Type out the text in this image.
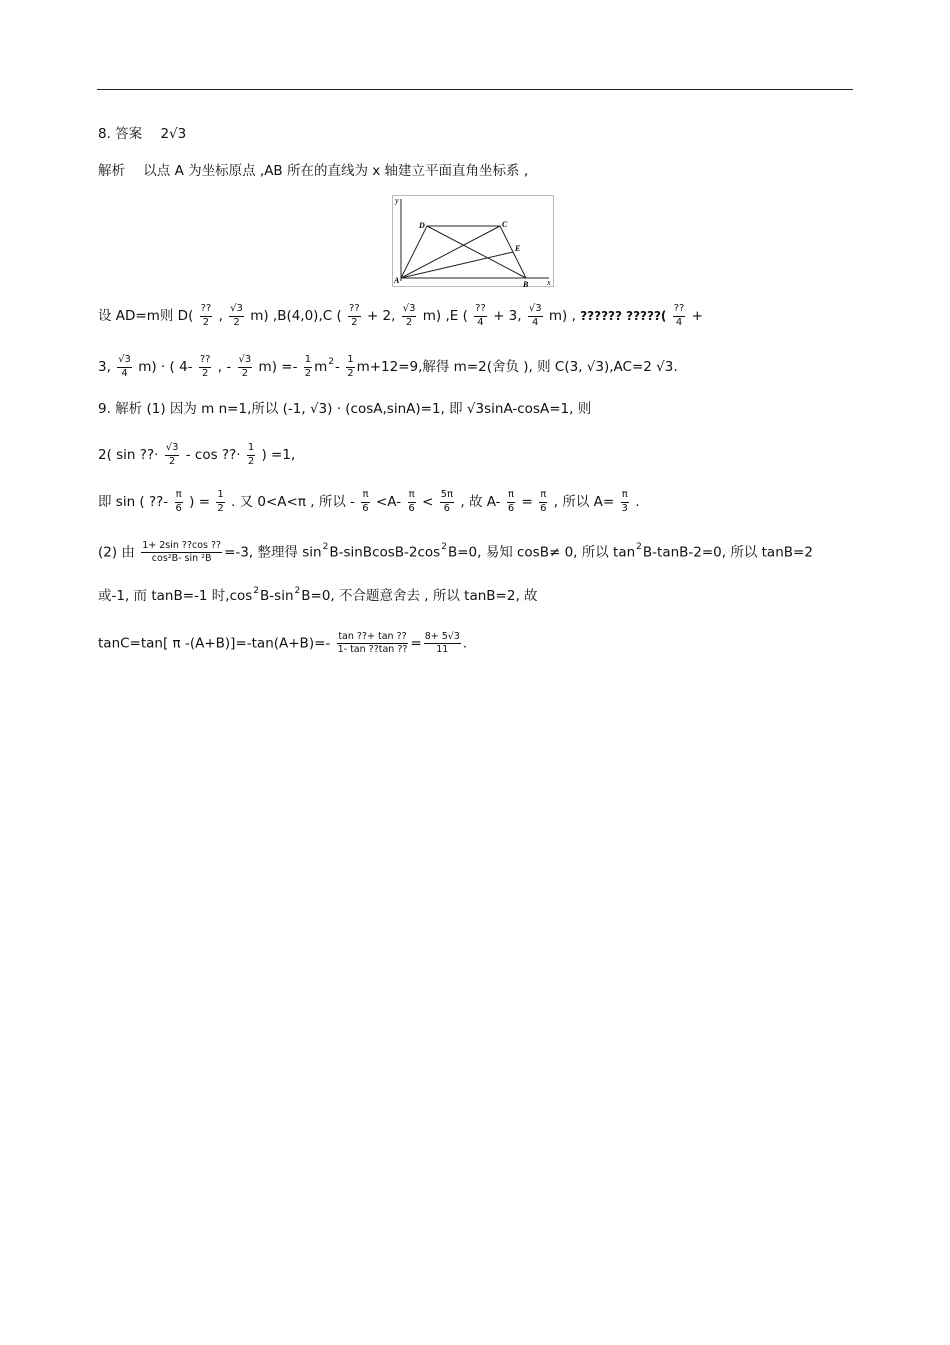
8. 答案 2√3
解析 以点 A 为坐标原点 ,AB 所在的直线为 x 轴建立平面直角坐标系 ,
y
x
A	B
C
D
E
设 AD=m则 $D( \frac{??}{2}$ , $\frac{√3}{2} m$) ,B(4,0),C ( $\frac{??}{2} + 2$, $\frac{√3}{2} m$) ,E ( $\frac{??}{4} + 3$, $\frac{√3}{4} m$) , ?????? ?????( $\frac{??}{4}$ +
3, $\frac{√3}{4} m$) · ( $4- \frac{??}{2}$ , - $\frac{√3}{2} m) =- \frac{1}{2} m^2- \frac{1}{2} m+12=9$,解得 m=2(舍负 ), 则 C(3, √3),AC=2 √3.
9. 解析 (1) 因为 m n=1,所以 (-1, √3) · (cosA,sinA)=1, 即 √3sinA-cosA=1, 则
2( sin ??· $\frac{√3}{2}$ - cos ??· $\frac{1}{2}$ ) =1,
即 sin ( ??- $\frac{\pi}{6}$ ) = $\frac{1}{2}$ . 又 0<A<π , 所以 - $\frac{\pi}{6} <A- \frac{\pi}{6} < \frac{5\pi}{6}$ , 故 $A- \frac{\pi}{6} = \frac{\pi}{6}$ , 所以 $A= \frac{\pi}{3}$ .
(2) 由 $\frac{1+ 2\sin ??\cos ??}{\text{cos²B- sin ²B}} =-3$, 整理得 $\sin^2B-sinBcosB-2\cos^2B=0$, 易知 cosB≠ 0, 所以 $\tan^2B-\tan B-2=0$, 所以 tanB=2
或-1, 而 tanB=-1 时$,\cos^2B-\sin^2B=0$, 不合题意舍去 , 所以 tanB=2, 故
tanC=tan[ π $-(A+B)]=-\tan(A+B)=- \frac{\tan ??+ \tan ??}{1- \tan ??\tan ??} = \frac{8+ 5√3}{11}$ .
